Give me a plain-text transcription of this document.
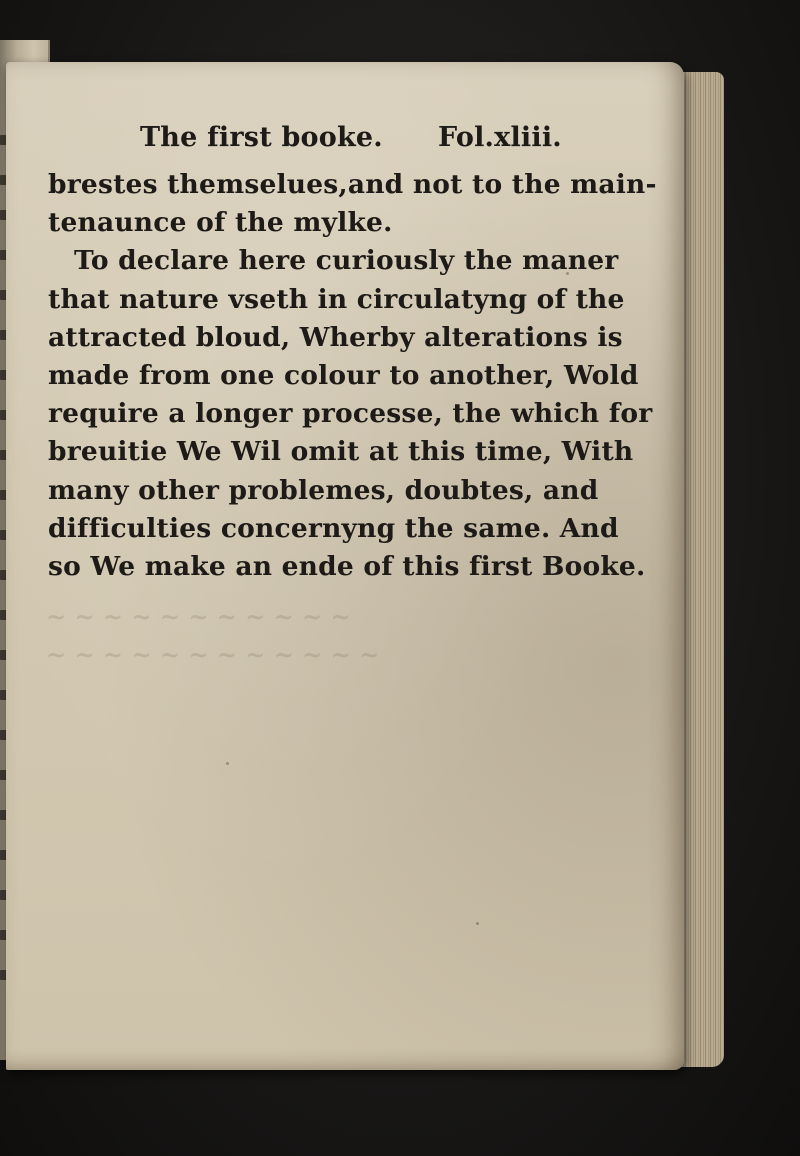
~ ~ ~ ~ ~ ~ ~ ~ ~ ~ ~
~ ~ ~ ~ ~ ~ ~ ~ ~ ~ ~ ~
The first booke. Fol.xliii.
brestes themselues,and not to the main-
tenaunce of the mylke.
To declare here curiously the maner
that nature vseth in circulatyng of the
attracted bloud, Wherby alterations is
made from one colour to another, Wold
require a longer processe, the which for
breuitie We Wil omit at this time, With
many other problemes, doubtes, and
difficulties concernyng the same. And
so We make an ende of this first Booke.
